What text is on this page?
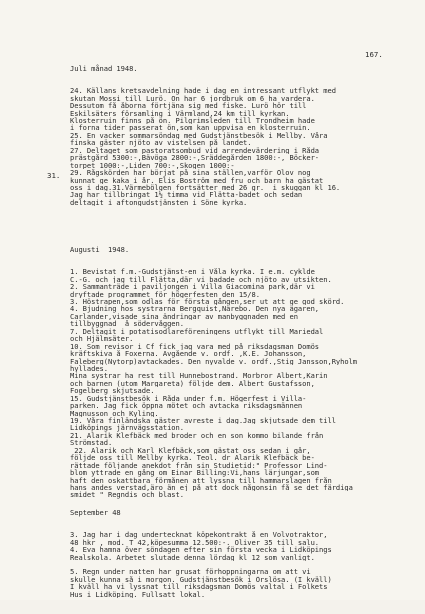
167.
31.

Juli månad 1948.

24. Källans kretsavdelning hade i dag en intressant utflykt med
skutan Mossi till Lurö. On har 6 jordbruk om 6 ha vardera.
Dessutom få åborna förtjäna sig med fiske. Lurö hör till
Eskilsäters församling i Värmland,24 km till kyrkan.
Klosterruin finns på ön. Pilgrimsleden till Trondheim hade
i forna tider passerat ön,som kan uppvisa en klosterruin.
25. En vacker sommarsöndag med Gudstjänstbesök i Mellby. Våra
finska gäster njöto av vistelsen på landet.
27. Deltaget som pastoratsombud vid arrendevärdering i Råda
prästgård 5300:-,Bävöga 2800:-,Sräddegården 1800:-, Böcker-
torpet 1000:-,Liden 700:-,Skogen 1000:-
29. Rågskörden har börjat på sina ställen,varför Olov nog
kunnat ge kaka i år. Elis Boström med fru och barn ha gästat
oss i dag.31.Värmebölgen fortsätter med 26 gr.  i skuggan kl 16.
Jag har tillbringat 1½ timma vid Flätta-badet och sedan
deltagit i aftongudstjänsten i Söne kyrka.

Augusti  1948.

1. Bevistat f.m.-Gudstjänst-en i Våla kyrka. I e.m. cyklde
C.-G. och jag till Flätta,där vi badade och njöto av utsikten.
2. Sammanträde i paviljongen i Villa Giacomina park,där vi
dryftade programmet för högerfesten den 15/8.
3. Höstrapen,som odlas för första gången,ser ut att ge god skörd.
4. Bjudning hos systrarna Bergquist,Närebo. Den nya ägaren,
Carlander,visade sina ändringar av manbyggnaden med en
tillbyggnad  å södervåggen.
7. Deltagit i potatisodlareföreningens utflykt till Mariedal
och Hjälmsäter.
10. Som revisor i Cf fick jag vara med på riksdagsman Domös
kräftskiva å Foxerna. Avgående v. ordf. ,K.E. Johansson,
Faleberg(Nytorp)avtackades. Den nyvalde v. ordf.,Stig Jansson,Ryholm
hyllades.
Mina systrar ha rest till Hunnebostrand. Morbror Albert,Karin
och barnen (utom Margareta) följde dem. Albert Gustafsson,
Fogelberg skjutsade.
15. Gudstjänstbesök i Råda under f.m. Högerfest i Villa-
parken. Jag fick öppna mötet och avtacka riksdagsmännen
Magnusson och Kyling.
19. Våra finländska gäster avreste i dag.Jag skjutsade dem till
Lidköpings järnvägsstation.
21. Alarik Klefbäck med broder och en son kommo bilande från
Strömstad.
22. Alarik och Karl Klefbäck,som gästat oss sedan i går,
följde oss till Mellby kyrka. Teol. dr Alarik Klefbäck be-
rättade följande anekdot från sin Studietid:" Professor Lind-
blom yttrade en gång om Einar Billing:Vi,hans lärjungar,som
haft den oskattbara förmånen att lyssna till hammarslagen från
hans andes verstad,äro än ej på att dock någonsin få se det färdiga
smidet " Regndis och blast.

September 48

3. Jag har i dag undertecknat köpekontrakt å en Volvotraktor,
48 hkr , mod. T 42,köpesumma 12.500:-. Oliver 35 till salu.
4. Eva hamna över söndagen efter sin första vecka i Lidköpings
Realskola. Arbetet slutade denna lördag kl 12 som vanligt.
5. Regn under natten har grusat förhoppningarna om att vi
skulle kunna så i morgon. Gudstjänstbesök i Örslösa. (I kväll)
I kväll ha vi lyssnat till riksdagsman Domös valtal i Folkets
Hus i Lidköping. Fullsatt lokal.
